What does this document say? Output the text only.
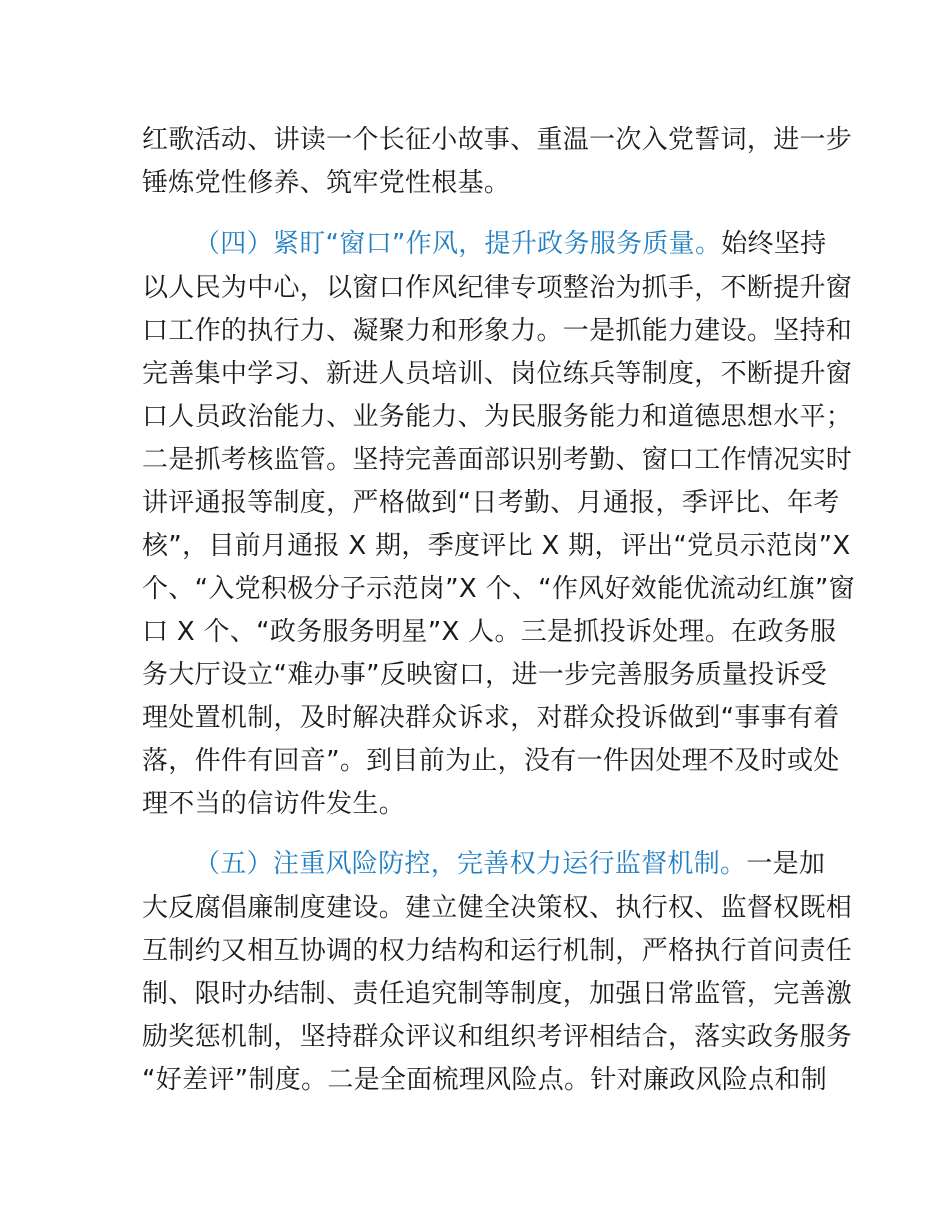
红歌活动、讲读一个长征小故事、重温一次入党誓词，进一步
锤炼党性修养、筑牢党性根基。
（四）紧盯“窗口”作风，提升政务服务质量。始终坚持
以人民为中心，以窗口作风纪律专项整治为抓手，不断提升窗
口工作的执行力、凝聚力和形象力。一是抓能力建设。坚持和
完善集中学习、新进人员培训、岗位练兵等制度，不断提升窗
口人员政治能力、业务能力、为民服务能力和道德思想水平；
二是抓考核监管。坚持完善面部识别考勤、窗口工作情况实时
讲评通报等制度，严格做到“日考勤、月通报，季评比、年考
核”，目前月通报 X 期，季度评比 X 期，评出“党员示范岗”X
个、“入党积极分子示范岗”X 个、“作风好效能优流动红旗”窗
口 X 个、“政务服务明星”X 人。三是抓投诉处理。在政务服
务大厅设立“难办事”反映窗口，进一步完善服务质量投诉受
理处置机制，及时解决群众诉求，对群众投诉做到“事事有着
落，件件有回音”。到目前为止，没有一件因处理不及时或处
理不当的信访件发生。
（五）注重风险防控，完善权力运行监督机制。一是加
大反腐倡廉制度建设。建立健全决策权、执行权、监督权既相
互制约又相互协调的权力结构和运行机制，严格执行首问责任
制、限时办结制、责任追究制等制度，加强日常监管，完善激
励奖惩机制，坚持群众评议和组织考评相结合，落实政务服务
“好差评”制度。二是全面梳理风险点。针对廉政风险点和制
